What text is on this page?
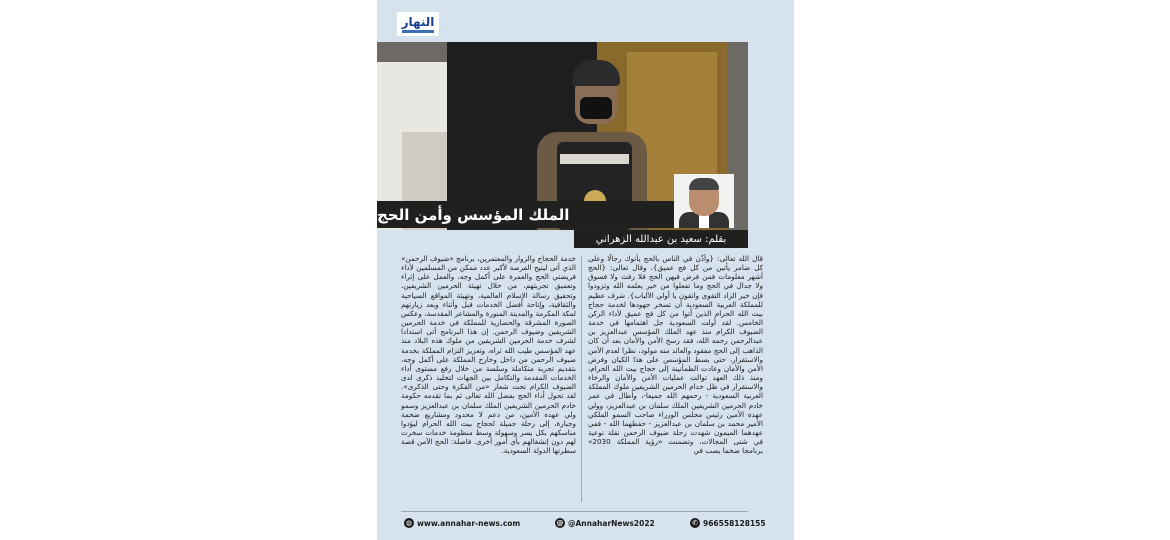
النهار
الملك المؤسس وأمن الحج
بقلم: سعيد بن عبدالله الزهراني
قال الله تعالى: {وأذّن في الناس بالحج يأتوك رجالًا وعلى كل ضامر يأتين من كل فج عميق}، وقال تعالى: {الحج أشهر معلومات فمن فرض فيهن الحج فلا رفث ولا فسوق ولا جدال في الحج وما تفعلوا من خير يعلمه الله وتزودوا فإن خير الزاد التقوى واتقون يا أولي الألباب}. شرف عظيم للمملكة العربية السعودية أن تسخر جهودها لخدمة حجاج بيت الله الحرام الذين أتوا من كل فج عميق لأداء الركن الخامس. لقد أولت السعودية جل اهتمامها في خدمة الضيوف الكرام منذ عهد الملك المؤسس عبدالعزيز بن عبدالرحمن رحمه الله، فقد رسخ الأمن والأمان بعد أن كان الذاهب إلى الحج مفقود والعائد منه مولود، نظرا لعدم الأمن والاستقرار، حتى بسط المؤسس على هذا الكيان وفرض الأمن والأمان وعادت الطمأنينة إلى حجاج بيت الله الحرام، ومنذ ذلك العهد توالت عمليات الأمن والأمان والرخاء والاستقرار في ظل خدام الحرمين الشريفين ملوك المملكة العربية السعودية - رحمهم الله جميعا-، وأطال في عمر خادم الحرمين الشريفين الملك سلمان بن عبدالعزيز، وولي عهده الأمين رئيس مجلس الوزراء صاحب السمو الملكي الأمير محمد بن سلمان بن عبدالعزيز - حفظهما الله - ففي عهدهما الميمون شهدت رحلة ضيوف الرحمن نقلة نوعية في شتى المجالات، وتضمنت «رؤية المملكة 2030» برنامجا ضخما يصب في
خدمة الحجاج والزوار والمعتمرين، برنامج «ضيوف الرحمن» الذي أتى ليتيح الفرصة لأكبر عدد ممكن من المسلمين لأداء فريضتي الحج والعمرة على أكمل وجه، والعمل على إثراء وتعميق تجربتهم، من خلال تهيئة الحرمين الشريفين، وتحقيق رسالة الإسلام العالمية، وتهيئة المواقع السياحية والثقافية، وإتاحة أفضل الخدمات قبل وأثناء وبعد زيارتهم لمكة المكرمة والمدينة المنورة والمشاعر المقدسة، وعكس الصورة المشرقة والحضارية للمملكة في خدمة الحرمين الشريفين وضيوف الرحمن. إن هذا البرنامج أتى استدادا لشرف خدمة الحرمين الشريفين من ملوك هذه البلاد منذ عهد المؤسس طيب الله ثراه، وتعزيز التزام المملكة بخدمة ضيوف الرحمن من داخل وخارج المملكة على أكمل وجه، بتقديم تجربة متكاملة وسلسة من خلال رفع مستوى أداء الخدمات المقدمة والتكامل بين الجهات لتخليد ذكرى لدى الضيوف الكرام تحت شعار «من الفكرة وحتى الذكرى». لقد تحول أداء الحج بفضل الله تعالى ثم بما تقدمه حكومة خادم الحرمين الشريفين الملك سلمان بن عبدالعزيز وسمو ولي عهده الأمين، من دعم لا محدود ومشاريع ضخمة وجبارة، إلى رحلة جميلة لحجاج بيت الله الحرام ليؤدوا مناسكهم بكل يسر وسهولة وسط منظومة خدمات سخرت لهم دون إنشغالهم بأي أمور أخرى. فاصلة: الحج الآمن قصة سطرتها الدولة السعودية.
◍ www.annahar-news.com	@ @AnnaharNews2022	✆ 966558128155
